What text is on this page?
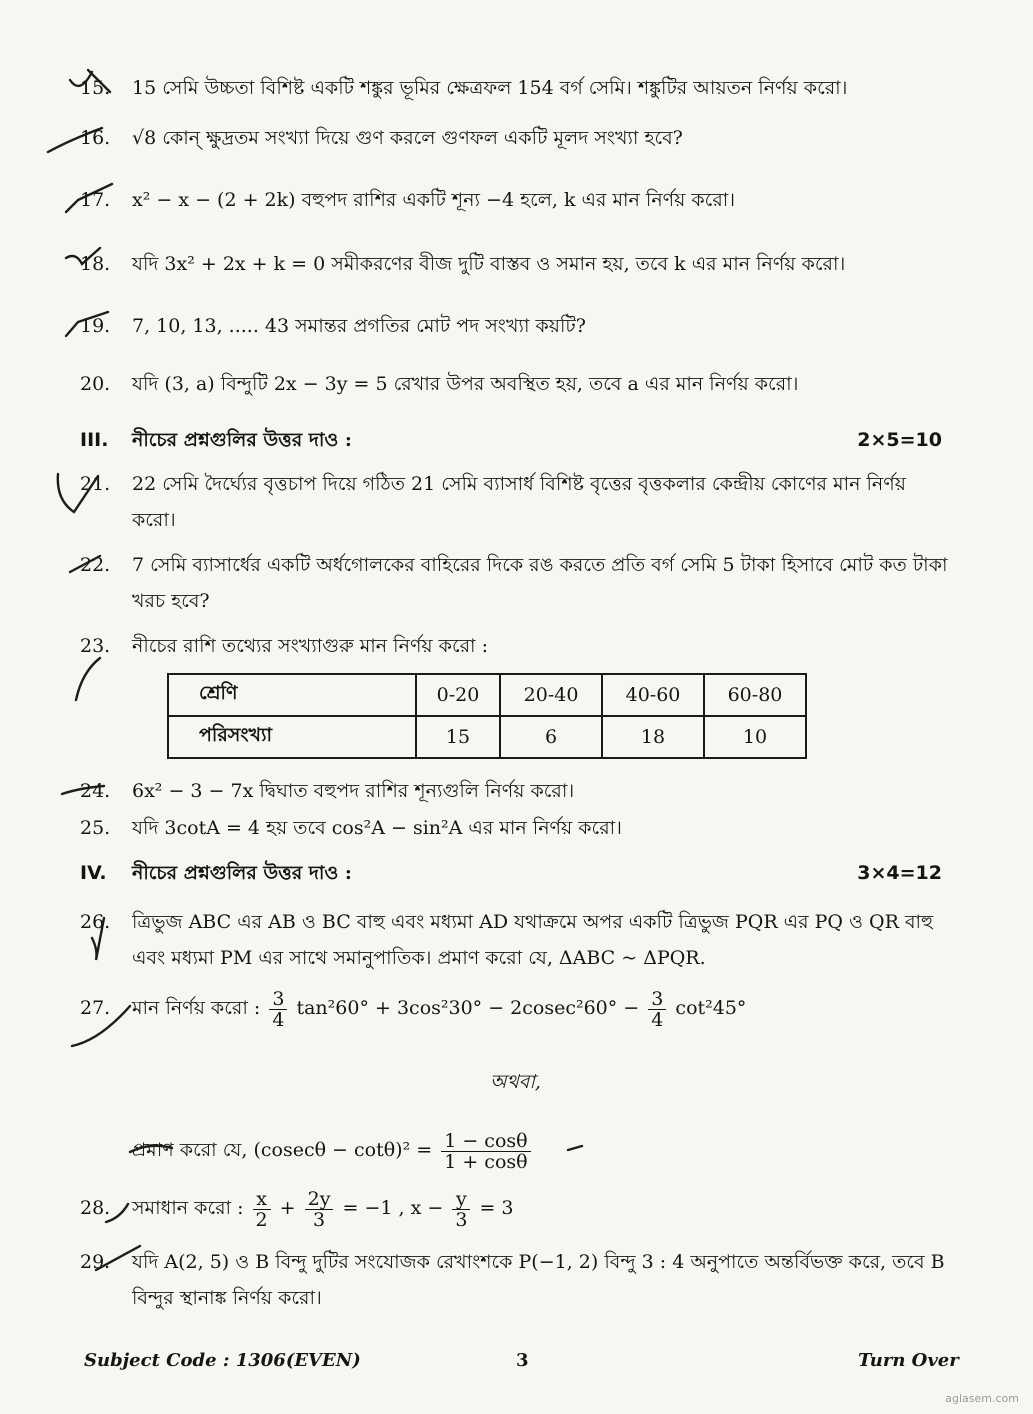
15.	15 সেমি উচ্চতা বিশিষ্ট একটি শঙ্কুর ভূমির ক্ষেত্রফল 154 বর্গ সেমি। শঙ্কুটির আয়তন নির্ণয় করো।
16.	√8 কোন্ ক্ষুদ্রতম সংখ্যা দিয়ে গুণ করলে গুণফল একটি মূলদ সংখ্যা হবে?
17.	x² − x − (2 + 2k) বহুপদ রাশির একটি শূন্য −4 হলে, k এর মান নির্ণয় করো।
18.	যদি 3x² + 2x + k = 0 সমীকরণের বীজ দুটি বাস্তব ও সমান হয়, তবে k এর মান নির্ণয় করো।
19.	7, 10, 13, ..... 43 সমান্তর প্রগতির মোট পদ সংখ্যা কয়টি?
20.	যদি (3, a) বিন্দুটি 2x − 3y = 5 রেখার উপর অবস্থিত হয়, তবে a এর মান নির্ণয় করো।
III. নীচের প্রশ্নগুলির উত্তর দাও :	2×5=10
21.	22 সেমি দৈর্ঘ্যের বৃত্তচাপ দিয়ে গঠিত 21 সেমি ব্যাসার্ধ বিশিষ্ট বৃত্তের বৃত্তকলার কেন্দ্রীয় কোণের মান নির্ণয় করো।
22.	7 সেমি ব্যাসার্ধের একটি অর্ধগোলকের বাহিরের দিকে রঙ করতে প্রতি বর্গ সেমি 5 টাকা হিসাবে মোট কত টাকা খরচ হবে?
23.	নীচের রাশি তথ্যের সংখ্যাগুরু মান নির্ণয় করো :
শ্রেণি	0-20	20-40	40-60	60-80
পরিসংখ্যা	15	6	18	10
24.	6x² − 3 − 7x দ্বিঘাত বহুপদ রাশির শূন্যগুলি নির্ণয় করো।
25.	যদি 3cotA = 4 হয় তবে cos²A − sin²A এর মান নির্ণয় করো।
IV. নীচের প্রশ্নগুলির উত্তর দাও :	3×4=12
26.	ত্রিভুজ ABC এর AB ও BC বাহু এবং মধ্যমা AD যথাক্রমে অপর একটি ত্রিভুজ PQR এর PQ ও QR বাহু এবং মধ্যমা PM এর সাথে সমানুপাতিক। প্রমাণ করো যে, ΔABC ~ ΔPQR.
27.	মান নির্ণয় করো : $\frac{3}{4} \tan^260^\circ + 3\cos^230^\circ - 2cosec^260^\circ - \frac{3}{4} \cot^245^\circ$
অথবা,
প্রমাণ করো যে, $(cosec\theta - \cot\theta)^2 = \frac{1 - \cos\theta}{1 + \cos\theta}$
28.	সমাধান করো : $\frac{x}{2} + \frac{2y}{3} = -1$ , $x - \frac{y}{3} = 3$
29.	যদি A(2, 5) ও B বিন্দু দুটির সংযোজক রেখাংশকে P(−1, 2) বিন্দু 3 : 4 অনুপাতে অন্তর্বিভক্ত করে, তবে B বিন্দুর স্থানাঙ্ক নির্ণয় করো।
Subject Code : 1306(EVEN)	3	Turn Over
aglasem.com
